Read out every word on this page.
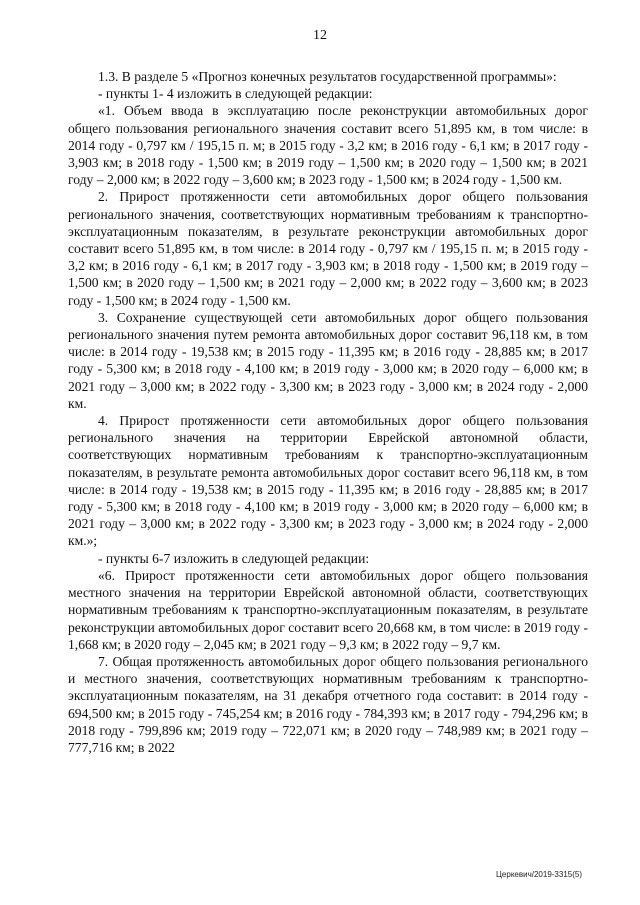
12

1.3. В разделе 5 «Прогноз конечных результатов государственной программы»:

- пункты 1- 4 изложить в следующей редакции:

«1. Объем ввода в эксплуатацию после реконструкции автомобильных дорог общего пользования регионального значения составит всего 51,895 км, в том числе: в 2014 году - 0,797 км / 195,15 п. м; в 2015 году - 3,2 км; в 2016 году - 6,1 км; в 2017 году - 3,903 км; в 2018 году - 1,500 км; в 2019 году – 1,500 км; в 2020 году – 1,500 км; в 2021 году – 2,000 км; в 2022 году – 3,600 км; в 2023 году - 1,500 км; в 2024 году - 1,500 км.

2. Прирост протяженности сети автомобильных дорог общего пользования регионального значения, соответствующих нормативным требованиям к транспортно-эксплуатационным показателям, в результате реконструкции автомобильных дорог составит всего 51,895 км, в том числе: в 2014 году - 0,797 км / 195,15 п. м; в 2015 году - 3,2 км; в 2016 году - 6,1 км; в 2017 году - 3,903 км; в 2018 году - 1,500 км; в 2019 году – 1,500 км; в 2020 году – 1,500 км; в 2021 году – 2,000 км; в 2022 году – 3,600 км; в 2023 году - 1,500 км; в 2024 году - 1,500 км.

3. Сохранение существующей сети автомобильных дорог общего пользования регионального значения путем ремонта автомобильных дорог составит 96,118 км, в том числе: в 2014 году - 19,538 км; в 2015 году - 11,395 км; в 2016 году - 28,885 км; в 2017 году - 5,300 км; в 2018 году - 4,100 км; в 2019 году - 3,000 км; в 2020 году – 6,000 км; в 2021 году – 3,000 км; в 2022 году - 3,300 км; в 2023 году - 3,000 км; в 2024 году - 2,000 км.

4. Прирост протяженности сети автомобильных дорог общего пользования регионального значения на территории Еврейской автономной области, соответствующих нормативным требованиям к транспортно-эксплуатационным показателям, в результате ремонта автомобильных дорог составит всего 96,118 км, в том числе: в 2014 году - 19,538 км; в 2015 году - 11,395 км; в 2016 году - 28,885 км; в 2017 году - 5,300 км; в 2018 году - 4,100 км; в 2019 году - 3,000 км; в 2020 году – 6,000 км; в 2021 году – 3,000 км; в 2022 году - 3,300 км; в 2023 году - 3,000 км; в 2024 году - 2,000 км.»;

- пункты 6-7 изложить в следующей редакции:

«6. Прирост протяженности сети автомобильных дорог общего пользования местного значения на территории Еврейской автономной области, соответствующих нормативным требованиям к транспортно-эксплуатационным показателям, в результате реконструкции автомобильных дорог составит всего 20,668 км, в том числе: в 2019 году - 1,668 км; в 2020 году – 2,045 км; в 2021 году – 9,3 км; в 2022 году – 9,7 км.

7. Общая протяженность автомобильных дорог общего пользования регионального и местного значения, соответствующих нормативным требованиям к транспортно-эксплуатационным показателям, на 31 декабря отчетного года составит: в 2014 году - 694,500 км; в 2015 году - 745,254 км; в 2016 году - 784,393 км; в 2017 году - 794,296 км; в 2018 году - 799,896 км; 2019 году – 722,071 км; в 2020 году – 748,989 км; в 2021 году – 777,716 км; в 2022

Церкевич/2019-3315(5)
